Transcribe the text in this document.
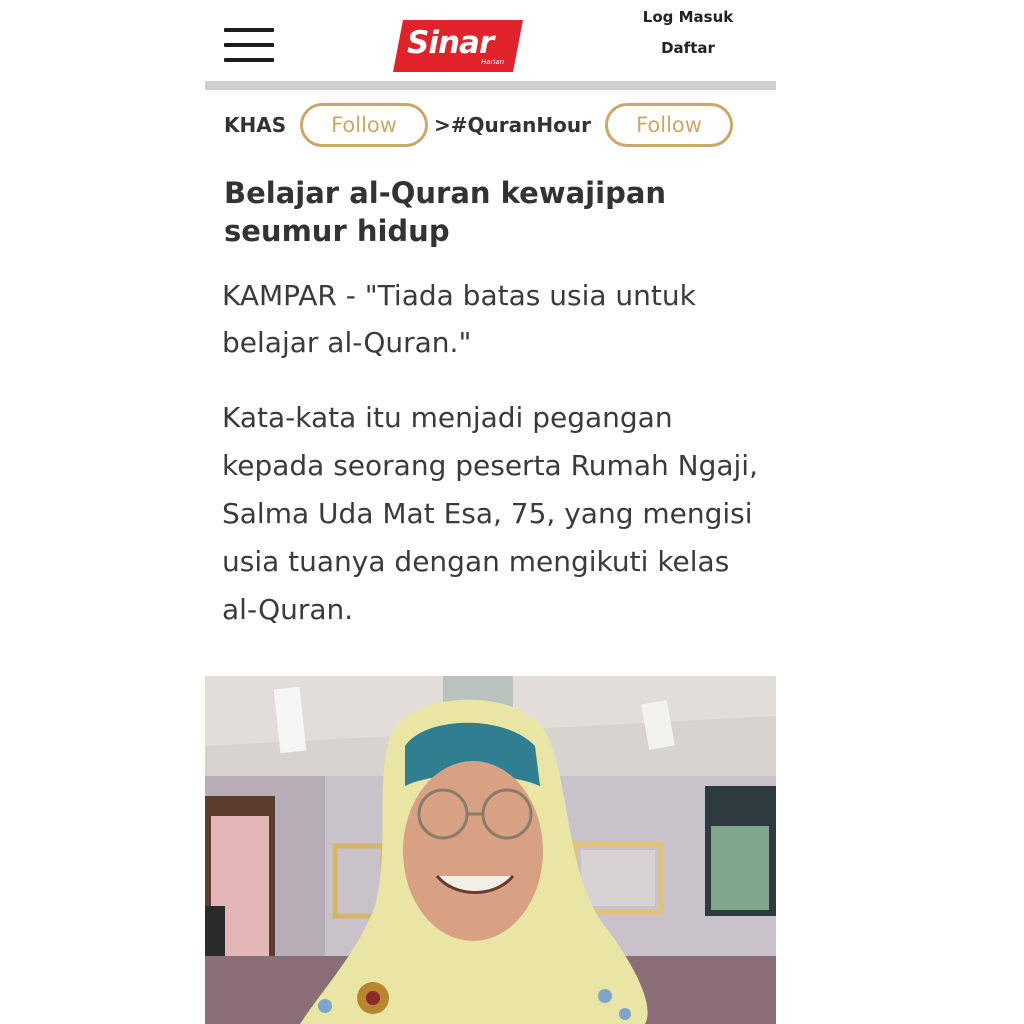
Sinar
Harian
Log Masuk
Daftar
KHAS	Follow	>#QuranHour	Follow
Belajar al-Quran kewajipan seumur hidup

KAMPAR - "Tiada batas usia untuk belajar al-Quran."

Kata-kata itu menjadi pegangan kepada seorang peserta Rumah Ngaji, Salma Uda Mat Esa, 75, yang mengisi usia tuanya dengan mengikuti kelas al-Quran.
